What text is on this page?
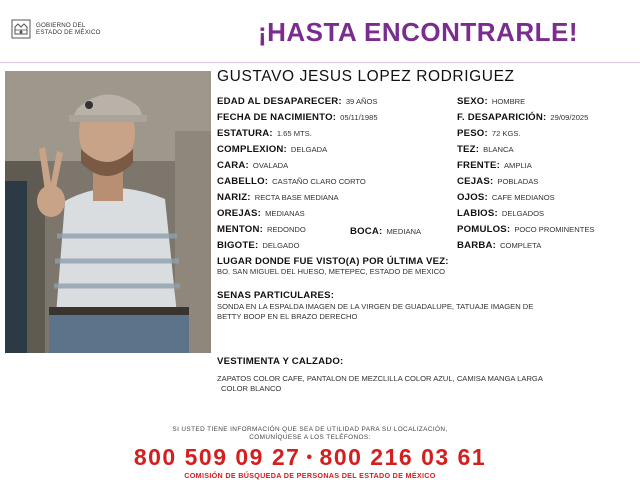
GOBIERNO DEL
ESTADO DE MÉXICO	¡HASTA ENCONTRARLE!
GUSTAVO JESUS LOPEZ RODRIGUEZ
EDAD AL DESAPARECER: 39 AÑOS	SEXO: HOMBRE
FECHA DE NACIMIENTO: 05/11/1985	F. DESAPARICIÓN: 29/09/2025
ESTATURA: 1.65 MTS.	PESO: 72 KGS.
COMPLEXION: DELGADA	TEZ: BLANCA
CARA: OVALADA	FRENTE: AMPLIA
CABELLO: CASTAÑO CLARO CORTO	CEJAS: POBLADAS
NARIZ: RECTA BASE MEDIANA	OJOS: CAFE MEDIANOS
OREJAS: MEDIANAS	LABIOS: DELGADOS
MENTON: REDONDO	BOCA: MEDIANA	POMULOS: POCO PROMINENTES
BIGOTE: DELGADO	BARBA: COMPLETA
LUGAR DONDE FUE VISTO(A) POR ÚLTIMA VEZ:
BO. SAN MIGUEL DEL HUESO, METEPEC, ESTADO DE MEXICO
SENAS PARTICULARES:
SONDA EN LA ESPALDA IMAGEN DE LA VIRGEN DE GUADALUPE, TATUAJE IMAGEN DE
BETTY BOOP EN EL BRAZO DERECHO
VESTIMENTA Y CALZADO:
ZAPATOS COLOR CAFE, PANTALON DE MEZCLILLA COLOR AZUL, CAMISA MANGA LARGA
COLOR BLANCO
SI USTED TIENE INFORMACIÓN QUE SEA DE UTILIDAD PARA SU LOCALIZACIÓN,
COMUNÍQUESE A LOS TELÉFONOS:
800 509 09 27 • 800 216 03 61
COMISIÓN DE BÚSQUEDA DE PERSONAS DEL ESTADO DE MÉXICO
